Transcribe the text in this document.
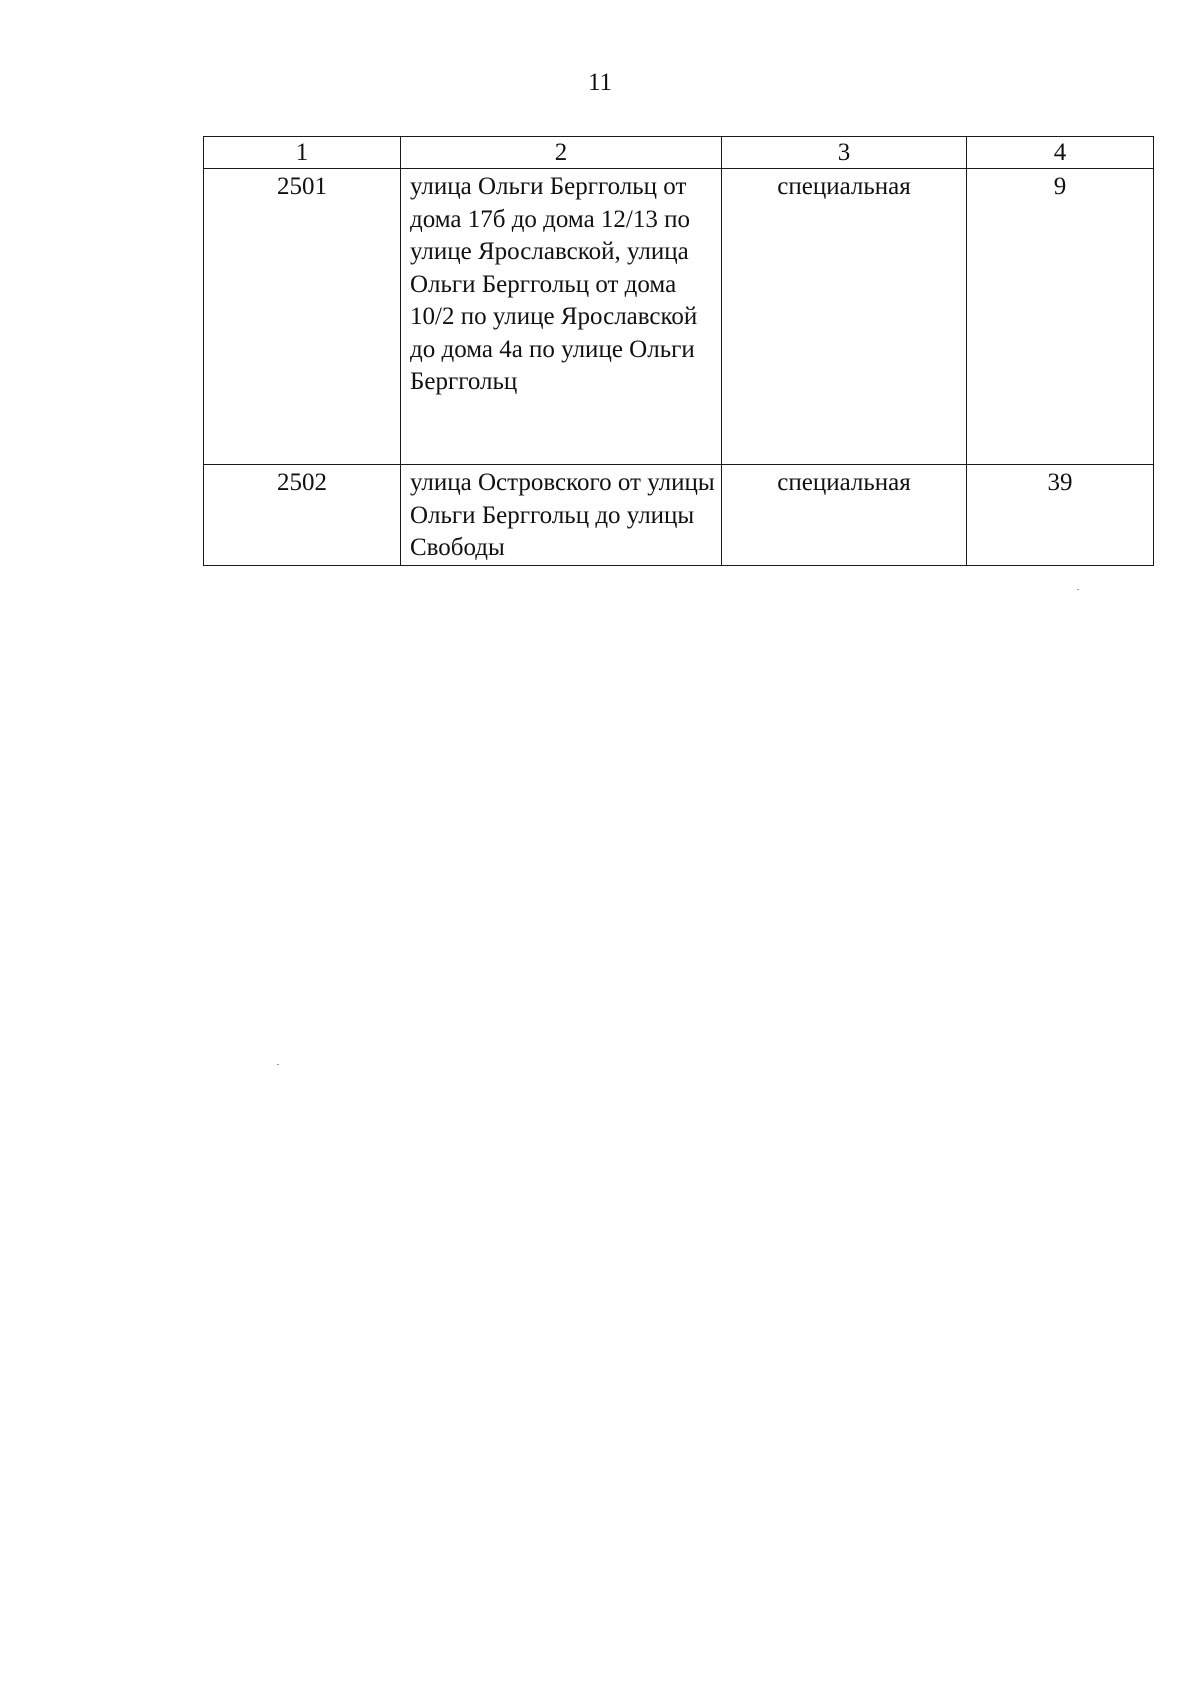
11
1	2	3	4

2501	улица Ольги Берггольц от дома 17б до дома 12/13 по улице Ярославской, улица Ольги Берггольц от дома 10/2 по улице Ярославской до дома 4а по улице Ольги Берггольц	специальная	9

2502	улица Островского от улицы Ольги Берггольц до улицы Свободы	специальная	39
